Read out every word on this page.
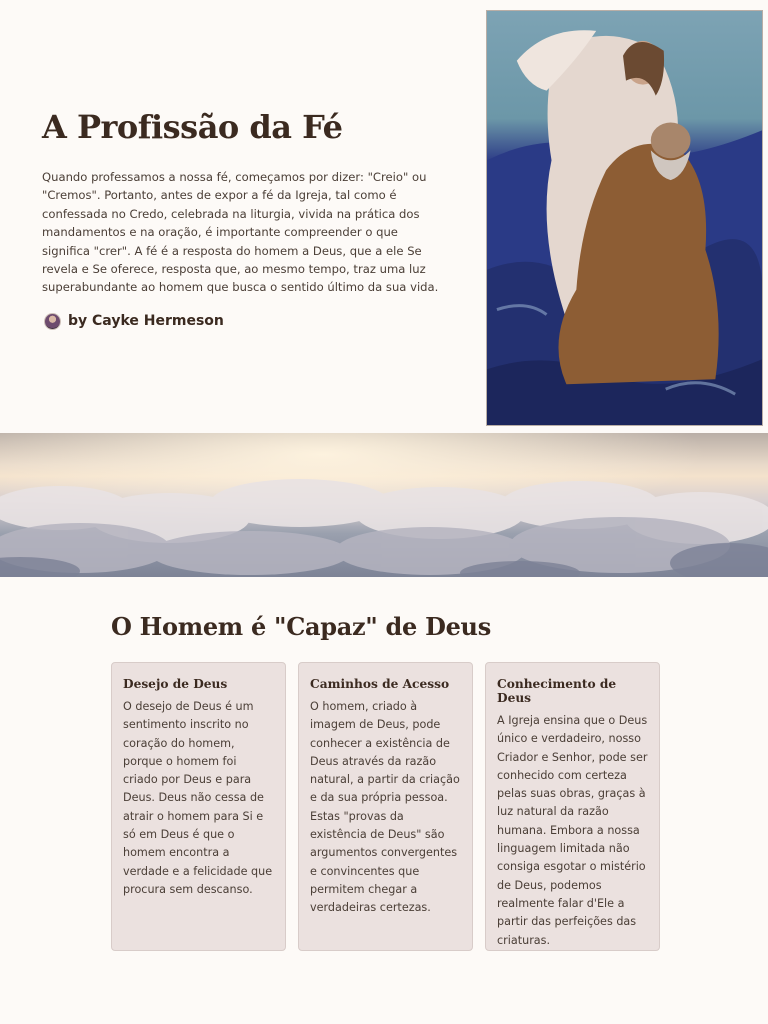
A Profissão da Fé

Quando professamos a nossa fé, começamos por dizer: "Creio" ou "Cremos". Portanto, antes de expor a fé da Igreja, tal como é confessada no Credo, celebrada na liturgia, vivida na prática dos mandamentos e na oração, é importante compreender o que significa "crer". A fé é a resposta do homem a Deus, que a ele Se revela e Se oferece, resposta que, ao mesmo tempo, traz uma luz superabundante ao homem que busca o sentido último da sua vida.

by Cayke Hermeson
O Homem é "Capaz" de Deus
Desejo de Deus

O desejo de Deus é um sentimento inscrito no coração do homem, porque o homem foi criado por Deus e para Deus. Deus não cessa de atrair o homem para Si e só em Deus é que o homem encontra a verdade e a felicidade que procura sem descanso.

Caminhos de Acesso

O homem, criado à imagem de Deus, pode conhecer a existência de Deus através da razão natural, a partir da criação e da sua própria pessoa. Estas "provas da existência de Deus" são argumentos convergentes e convincentes que permitem chegar a verdadeiras certezas.

Conhecimento de Deus

A Igreja ensina que o Deus único e verdadeiro, nosso Criador e Senhor, pode ser conhecido com certeza pelas suas obras, graças à luz natural da razão humana. Embora a nossa linguagem limitada não consiga esgotar o mistério de Deus, podemos realmente falar d'Ele a partir das perfeições das criaturas.
